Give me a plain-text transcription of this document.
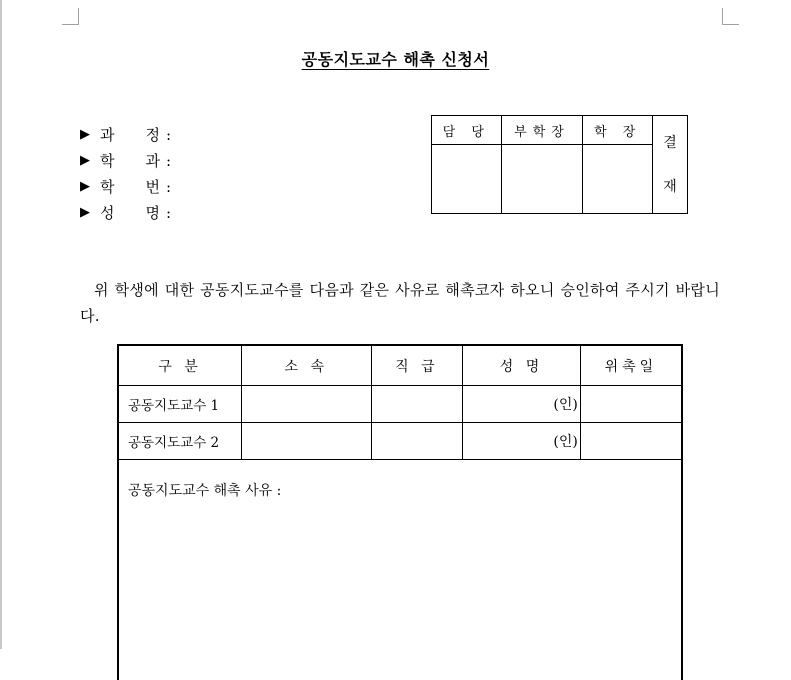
공동지도교수 해촉 신청서
▶ 과 정 :
▶ 학 과 :
▶ 학 번 :
▶ 성 명 :
담 당	부학장	학 장	결
재

위 학생에 대한 공동지도교수를 다음과 같은 사유로 해촉코자 하오니 승인하여 주시기 바랍니다.
구 분	소 속	직 급	성 명	위촉일
공동지도교수 1			(인)	
공동지도교수 2			(인)	
공동지도교수 해촉 사유 :				
